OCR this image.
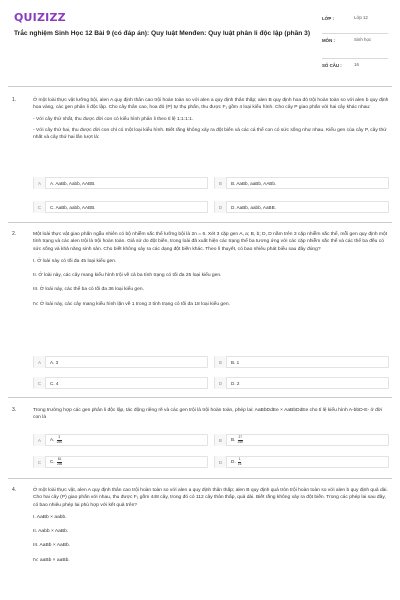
QUIZIZZ
Trắc nghiệm Sinh Học 12 Bài 9 (có đáp án): Quy luật Menđen: Quy luật phân li độc lập (phần 3)
LỚP :	Lớp 12
MÔN :	Sinh học
SỐ CÂU :	16
1.	Ở một loài thực vật lưỡng bội, alen A quy định thân cao trội hoàn toàn so với alen a quy định thân thấp; alen B quy định hoa đỏ trội hoàn toàn so với alen b quy định hoa vàng, các gen phân li độc lập. Cho cây thân cao, hoa đỏ (P) tự thụ phấn, thu được F₁ gồm 4 loại kiểu hình. Cho cây P giao phấn với hai cây khác nhau:

- Với cây thứ nhất, thu được đời con có kiểu hình phân li theo tỉ lệ 1:1:1:1.

- Với cây thứ hai, thu được đời con chỉ có một loại kiểu hình. Biết rằng không xảy ra đột biến và các cá thể con có sức sống như nhau. Kiểu gen của cây P, cây thứ nhất và cây thứ hai lần lượt là:

A	A. AaBb, Aabb, AABB.	B	B. AaBb, aaBb, AABb.
C	C. AaBb, aabb, AABB.	D	D. AaBb, aabb, AaBB.
2.	Một loài thực vật giao phấn ngẫu nhiên có bộ nhiễm sắc thể lưỡng bội là 2n = 6. Xét 3 cặp gen A, a; B, b; D, D nằm trên 3 cặp nhiễm sắc thể, mỗi gen quy định một tính trạng và các alen trội là trội hoàn toàn. Giả sử do đột biến, trong loài đã xuất hiện các trạng thể ba tương ứng với các cặp nhiễm sắc thể và các thể ba đều có sức sống và khả năng sinh sản. Cho biết không xảy ra các dạng đột biến khác. Theo lí thuyết, có bao nhiêu phát biểu sau đây đúng?

I. Ở loài này có tối đa 45 loại kiểu gen.

II. Ở loài này, các cây mang kiểu hình trội về cả ba tính trạng có tối đa 25 loại kiểu gen.

III. Ở loài này, các thể ba có tối đa 36 loại kiểu gen.

IV. Ở loài này, các cây mang kiểu hình lặn về 1 trong 3 tính trạng có tối đa 18 loại kiểu gen.

A	A. 3	B	B. 1
C	C. 4	D	D. 2
3.	Trong trường hợp các gen phân li độc lập, tác động riêng rẽ và các gen trội là trội hoàn toàn, phép lai: AaBbDdEe × AaBbDdEe cho tỉ lệ kiểu hình A-bbD-E- ở đời con là

A	A. $\frac{3}{256}$	B	B. $\frac{27}{256}$
C	C. $\frac{81}{256}$	D	D. $\frac{1}{16}$
4.	Ở một loài thực vật, alen A quy định thân cao trội hoàn toàn so với alen a quy định thân thấp; alen B quy định quả tròn trội hoàn toàn so với alen b quy định quả dài. Cho hai cây (P) giao phấn với nhau, thu được F₁ gồm 448 cây, trong đó có 112 cây thân thấp, quả dài. Biết rằng không xảy ra đột biến. Trong các phép lai sau đây, có bao nhiêu phép lai phù hợp với kết quả trên?

I. AaBb × aabb.

II. Aabb × AaBb.

III. AaBb × AaBb.

IV. aaBb × aaBb.
